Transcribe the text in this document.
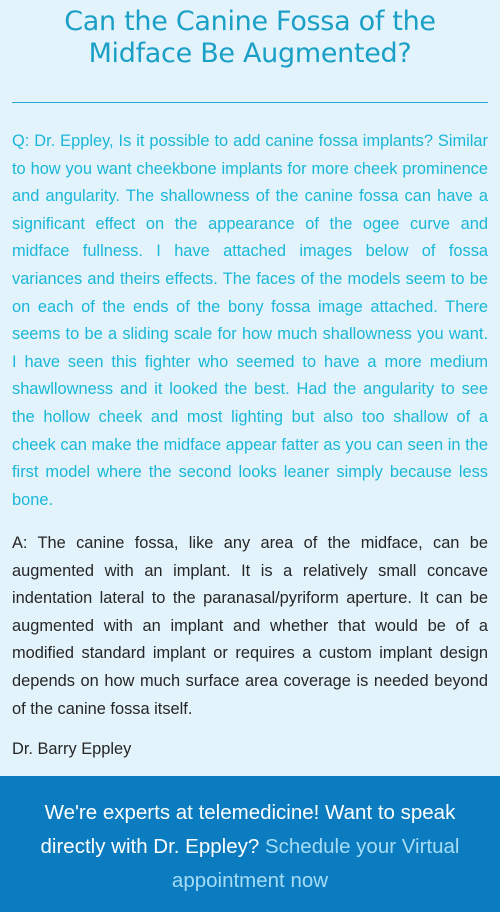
Can the Canine Fossa of the Midface Be Augmented?

Q: Dr. Eppley, Is it possible to add canine fossa implants? Similar to how you want cheekbone implants for more cheek prominence and angularity. The shallowness of the canine fossa can have a significant effect on the appearance of the ogee curve and midface fullness. I have attached images below of fossa variances and theirs effects. The faces of the models seem to be on each of the ends of the bony fossa image attached. There seems to be a sliding scale for how much shallowness you want. I have seen this fighter who seemed to have a more medium shawllowness and it looked the best. Had the angularity to see the hollow cheek and most lighting but also too shallow of a cheek can make the midface appear fatter as you can seen in the first model where the second looks leaner simply because less bone.

A: The canine fossa, like any area of the midface, can be augmented with an implant. It is a relatively small concave indentation lateral to the paranasal/pyriform aperture. It can be augmented with an implant and whether that would be of a modified standard implant or requires a custom implant design depends on how much surface area coverage is needed beyond of the canine fossa itself.

Dr. Barry Eppley

We're experts at telemedicine! Want to speak directly with Dr. Eppley? Schedule your Virtual appointment now
